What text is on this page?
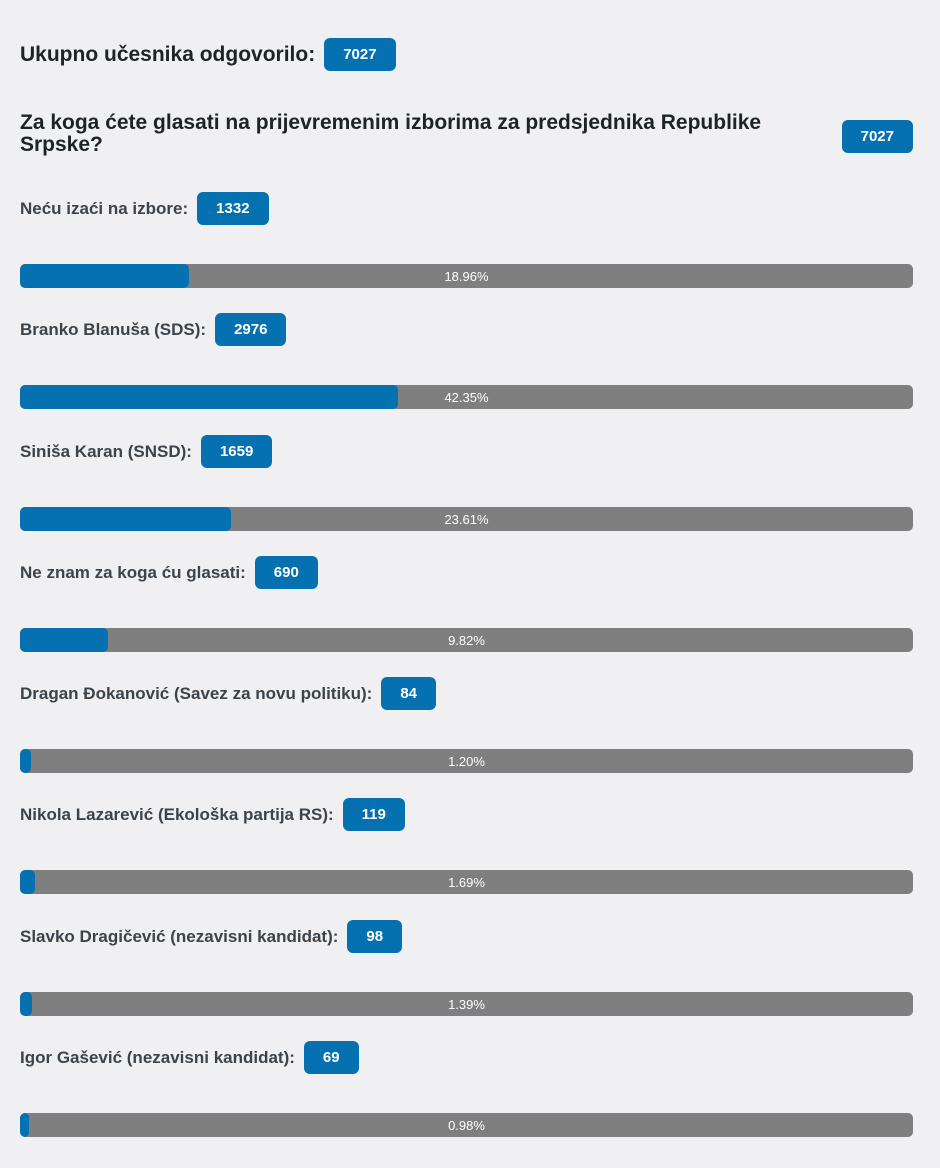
Ukupno učesnika odgovorilo:	7027
Za koga ćete glasati na prijevremenim izborima za predsjednika Republike Srpske?	7027
Neću izaći na izbore:	1332
18.96%
Branko Blanuša (SDS):	2976
42.35%
Siniša Karan (SNSD):	1659
23.61%
Ne znam za koga ću glasati:	690
9.82%
Dragan Đokanović (Savez za novu politiku):	84
1.20%
Nikola Lazarević (Ekološka partija RS):	119
1.69%
Slavko Dragičević (nezavisni kandidat):	98
1.39%
Igor Gašević (nezavisni kandidat):	69
0.98%
